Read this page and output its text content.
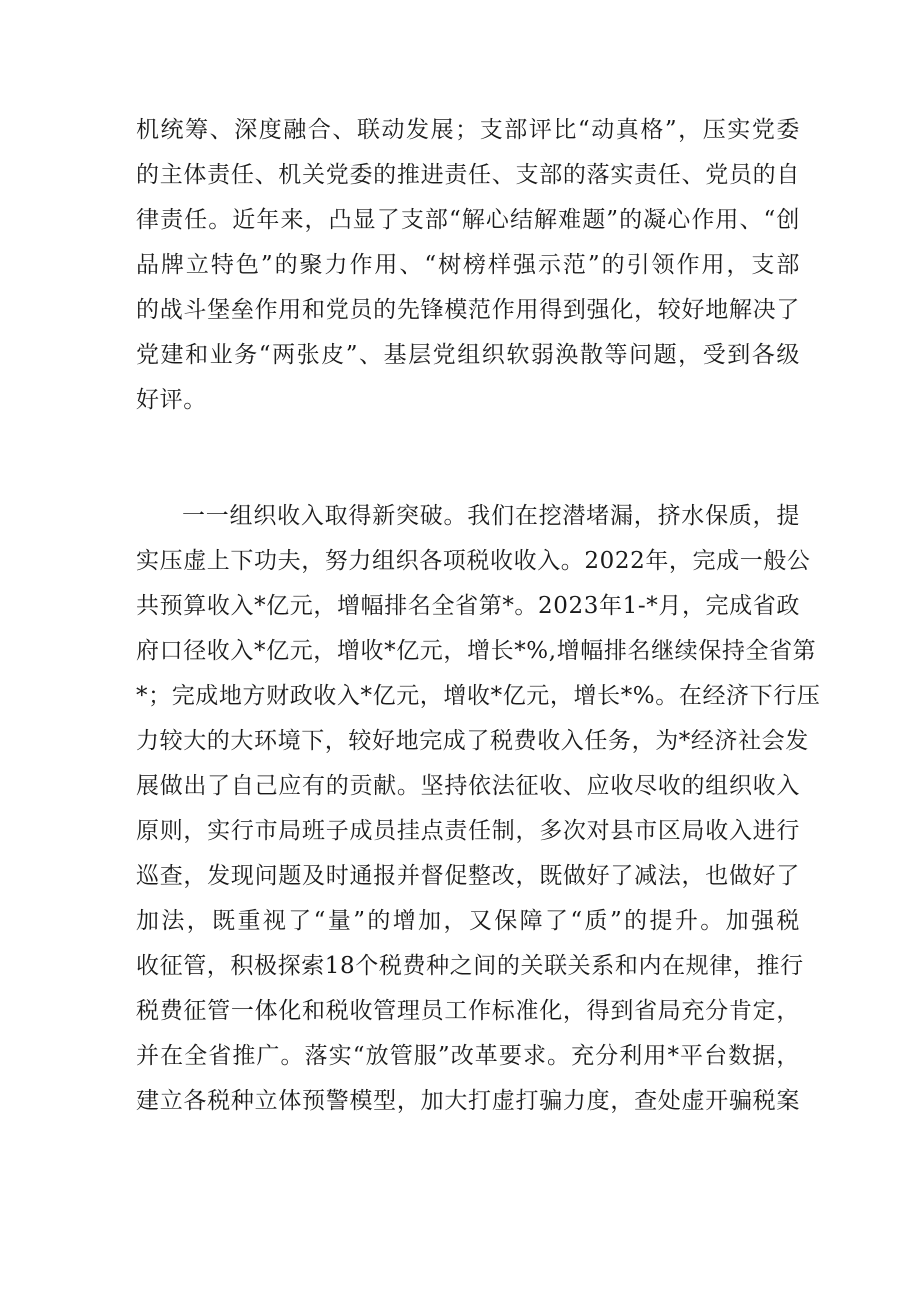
机统筹、深度融合、联动发展；支部评比“动真格”，压实党委
的主体责任、机关党委的推进责任、支部的落实责任、党员的自
律责任。近年来，凸显了支部“解心结解难题”的凝心作用、“创
品牌立特色”的聚力作用、“树榜样强示范”的引领作用，支部
的战斗堡垒作用和党员的先锋模范作用得到强化，较好地解决了
党建和业务“两张皮”、基层党组织软弱涣散等问题，受到各级
好评。
一一组织收入取得新突破。我们在挖潜堵漏，挤水保质，提
实压虚上下功夫，努力组织各项税收收入。2022年，完成一般公
共预算收入*亿元，增幅排名全省第*。2023年1-*月，完成省政
府口径收入*亿元，增收*亿元，增长*%,增幅排名继续保持全省第
*；完成地方财政收入*亿元，增收*亿元，增长*%。在经济下行压
力较大的大环境下，较好地完成了税费收入任务，为*经济社会发
展做出了自己应有的贡献。坚持依法征收、应收尽收的组织收入
原则，实行市局班子成员挂点责任制，多次对县市区局收入进行
巡查，发现问题及时通报并督促整改，既做好了减法，也做好了
加法，既重视了“量”的增加，又保障了“质”的提升。加强税
收征管，积极探索18个税费种之间的关联关系和内在规律，推行
税费征管一体化和税收管理员工作标准化，得到省局充分肯定，
并在全省推广。落实“放管服”改革要求。充分利用*平台数据，
建立各税种立体预警模型，加大打虚打骗力度，查处虚开骗税案
